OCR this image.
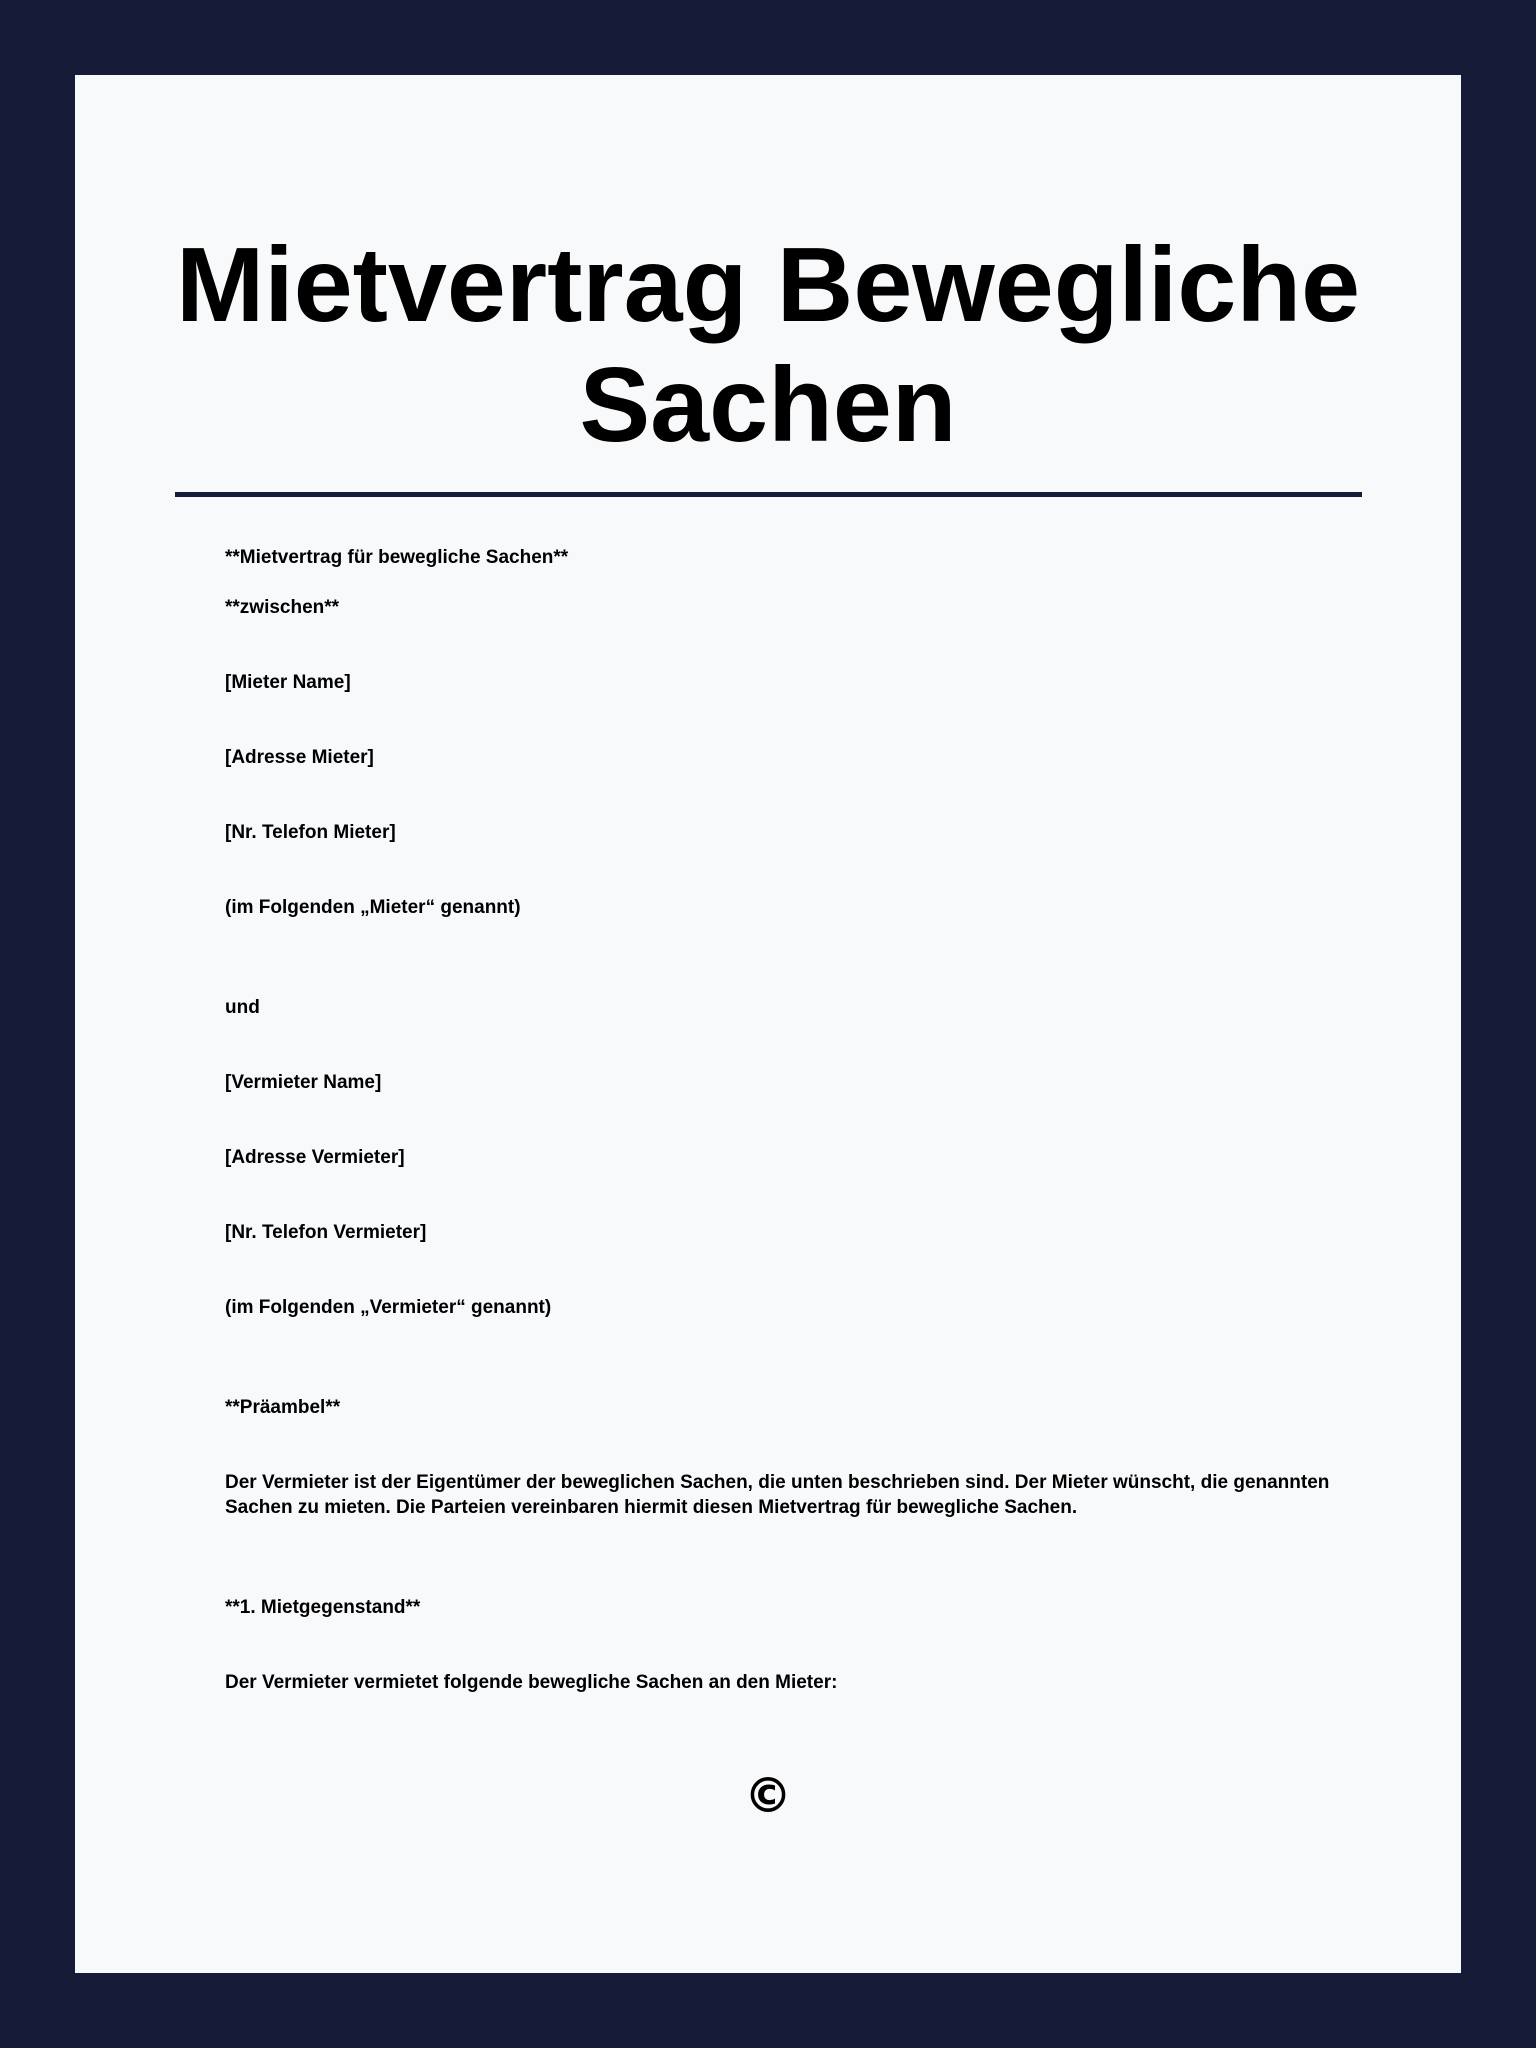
Mietvertrag Bewegliche Sachen

**Mietvertrag für bewegliche Sachen**

**zwischen**

[Mieter Name]

[Adresse Mieter]

[Nr. Telefon Mieter]

(im Folgenden „Mieter“ genannt)

und

[Vermieter Name]

[Adresse Vermieter]

[Nr. Telefon Vermieter]

(im Folgenden „Vermieter“ genannt)

**Präambel**

Der Vermieter ist der Eigentümer der beweglichen Sachen, die unten beschrieben sind. Der Mieter wünscht, die genannten Sachen zu mieten. Die Parteien vereinbaren hiermit diesen Mietvertrag für bewegliche Sachen.

**1. Mietgegenstand**

Der Vermieter vermietet folgende bewegliche Sachen an den Mieter:

©
